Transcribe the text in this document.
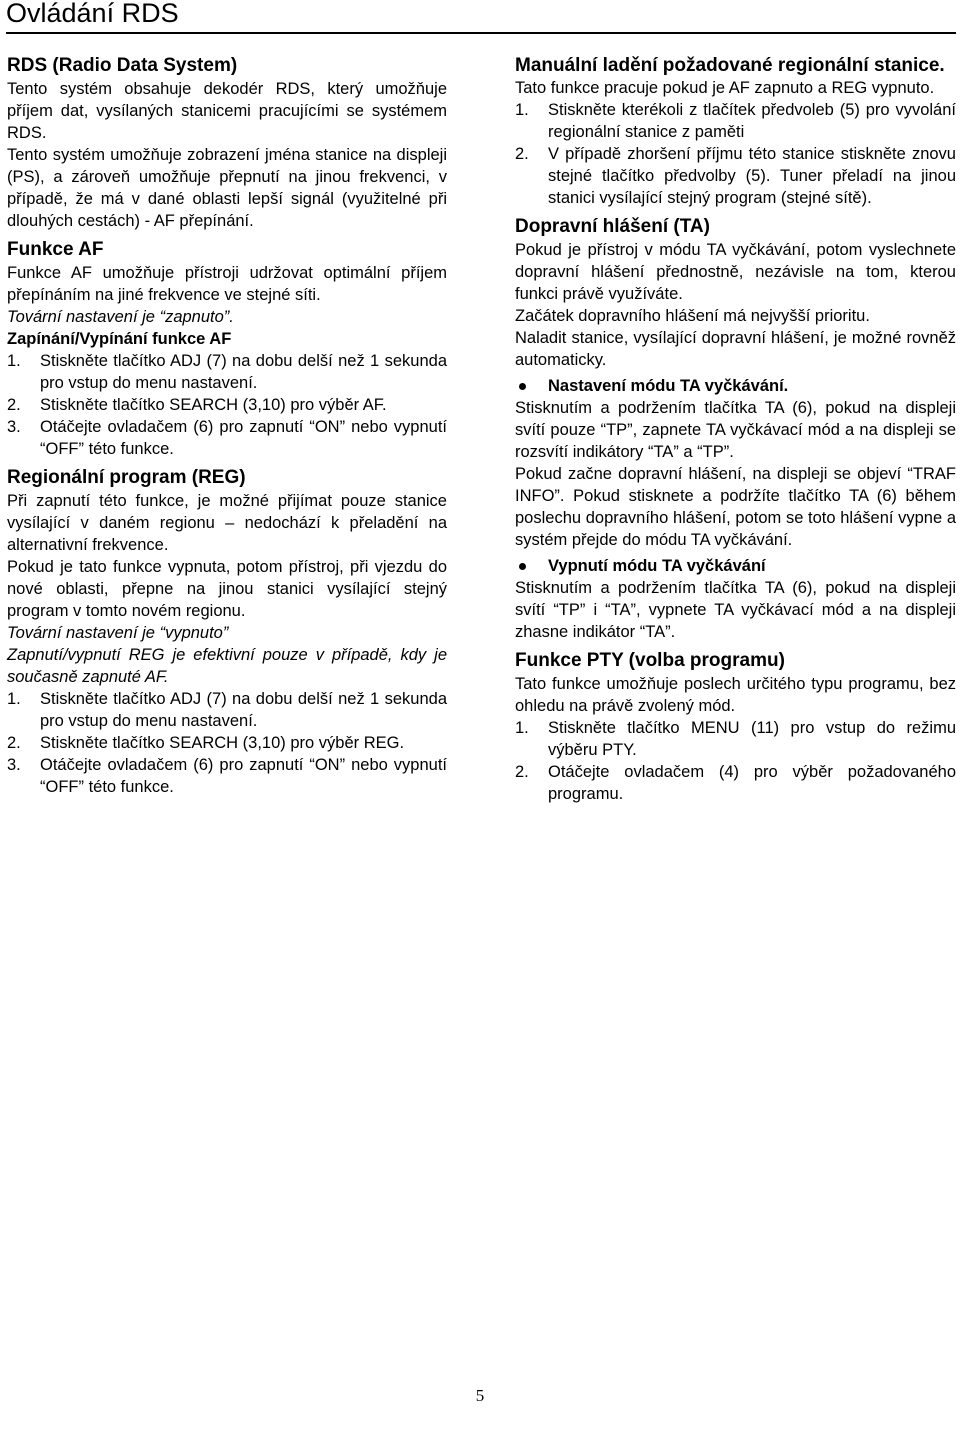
Ovládání RDS
RDS (Radio Data System)

Tento systém obsahuje dekodér RDS, který umožňuje příjem dat, vysílaných stanicemi pracujícími se systémem RDS.

Tento systém umožňuje zobrazení jména stanice na displeji (PS), a zároveň umožňuje přepnutí na jinou frekvenci, v případě, že má v dané oblasti lepší signál (využitelné při dlouhých cestách) - AF přepínání.

Funkce AF

Funkce AF umožňuje přístroji udržovat optimální příjem přepínáním na jiné frekvence ve stejné síti.

Tovární nastavení je “zapnuto”.

Zapínání/Vypínání funkce AF
1. Stiskněte tlačítko ADJ (7) na dobu delší než 1 sekunda pro vstup do menu nastavení.
2. Stiskněte tlačítko SEARCH (3,10) pro výběr AF.
3. Otáčejte ovladačem (6) pro zapnutí “ON” nebo vypnutí “OFF” této funkce.
Regionální program (REG)

Při zapnutí této funkce, je možné přijímat pouze stanice vysílající v daném regionu – nedochází k přeladění na alternativní frekvence.

Pokud je tato funkce vypnuta, potom přístroj, při vjezdu do nové oblasti, přepne na jinou stanici vysílající stejný program v tomto novém regionu.

Tovární nastavení je “vypnuto”

Zapnutí/vypnutí REG je efektivní pouze v případě, kdy je současně zapnuté AF.

1. Stiskněte tlačítko ADJ (7) na dobu delší než 1 sekunda pro vstup do menu nastavení.
2. Stiskněte tlačítko SEARCH (3,10) pro výběr REG.
3. Otáčejte ovladačem (6) pro zapnutí “ON” nebo vypnutí “OFF” této funkce.
Manuální ladění požadované regionální stanice.

Tato funkce pracuje pokud je AF zapnuto a REG vypnuto.

1. Stiskněte kterékoli z tlačítek předvoleb (5) pro vyvolání regionální stanice z paměti
2. V případě zhoršení příjmu této stanice stiskněte znovu stejné tlačítko předvolby (5). Tuner přeladí na jinou stanici vysílající stejný program (stejné sítě).
Dopravní hlášení (TA)

Pokud je přístroj v módu TA vyčkávání, potom vyslechnete dopravní hlášení přednostně, nezávisle na tom, kterou funkci právě využíváte.

Začátek dopravního hlášení má nejvyšší prioritu.

Naladit stanice, vysílající dopravní hlášení, je možné rovněž automaticky.

Nastavení módu TA vyčkávání.

Stisknutím a podržením tlačítka TA (6), pokud na displeji svítí pouze “TP”, zapnete TA vyčkávací mód a na displeji se rozsvítí indikátory “TA” a “TP”.

Pokud začne dopravní hlášení, na displeji se objeví “TRAF INFO”. Pokud stisknete a podržíte tlačítko TA (6) během poslechu dopravního hlášení, potom se toto hlášení vypne a systém přejde do módu TA vyčkávání.

Vypnutí módu TA vyčkávání

Stisknutím a podržením tlačítka TA (6), pokud na displeji svítí “TP” i “TA”, vypnete TA vyčkávací mód a na displeji zhasne indikátor “TA”.

Funkce PTY (volba programu)

Tato funkce umožňuje poslech určitého typu programu, bez ohledu na právě zvolený mód.

1. Stiskněte tlačítko MENU (11) pro vstup do režimu výběru PTY.
2. Otáčejte ovladačem (4) pro výběr požadovaného programu.
5
